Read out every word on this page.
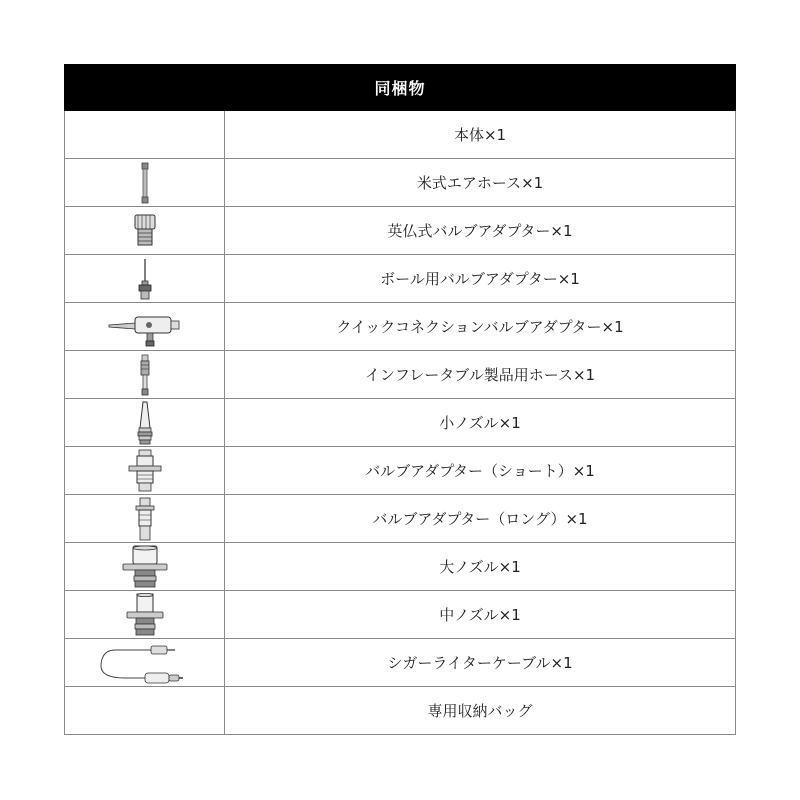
同梱物
本体×1
米式エアホース×1
英仏式バルブアダプター×1
ボール用バルブアダプター×1
クイックコネクションバルブアダプター×1
インフレータブル製品用ホース×1
小ノズル×1
バルブアダプター（ショート）×1
バルブアダプター（ロング）×1
大ノズル×1
中ノズル×1
シガーライターケーブル×1
専用収納バッグ
